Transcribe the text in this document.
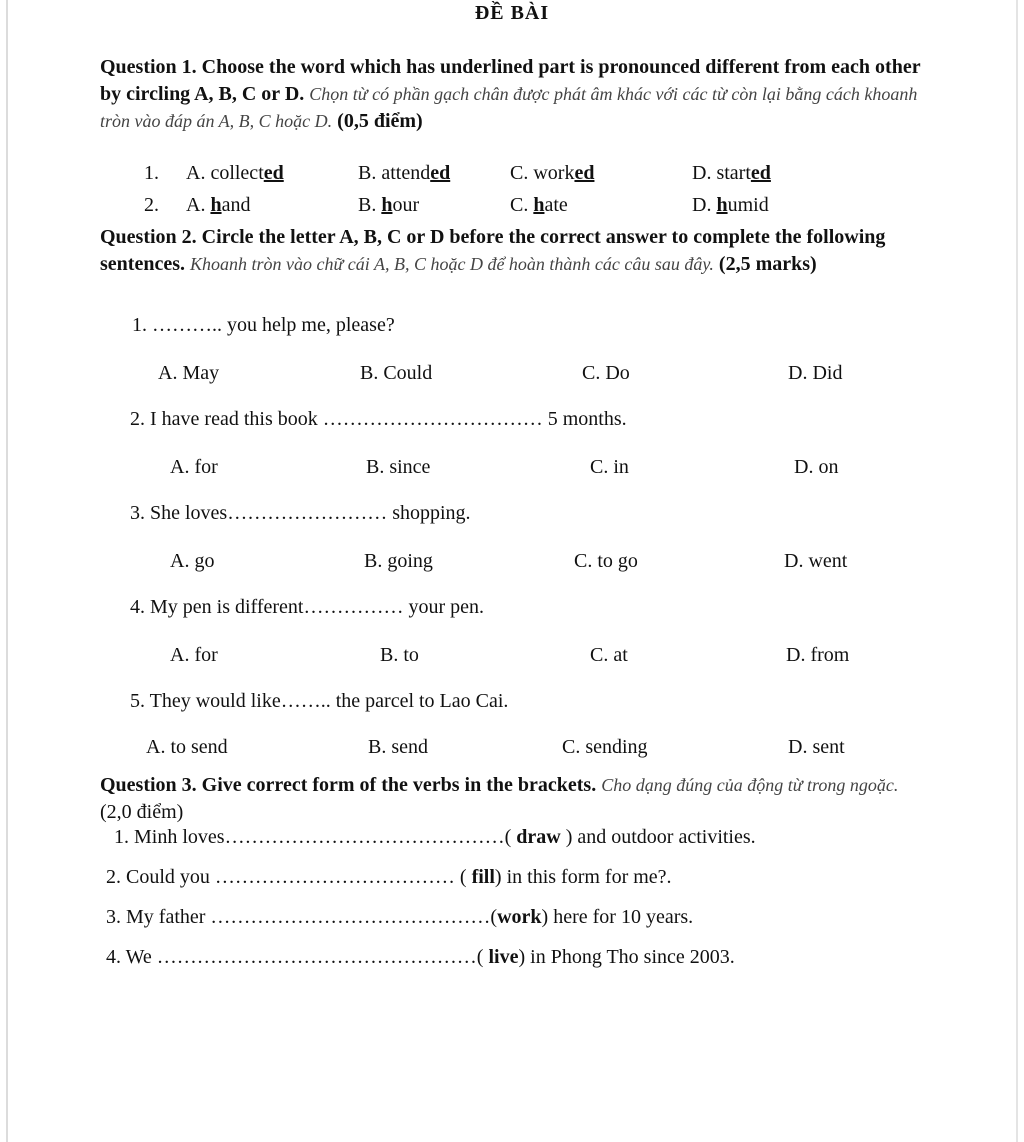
ĐỀ BÀI
Question 1. Choose the word which has underlined part is pronounced different from each other by circling A, B, C or D. Chọn từ có phần gạch chân được phát âm khác với các từ còn lại bằng cách khoanh tròn vào đáp án A, B, C hoặc D. (0,5 điểm)
1. A. collected	B. attended	C. worked	D. started
2. A. hand	B. hour	C. hate	D. humid
Question 2. Circle the letter A, B, C or D before the correct answer to complete the following sentences. Khoanh tròn vào chữ cái A, B, C hoặc D để hoàn thành các câu sau đây. (2,5 marks)
1. ……….. you help me, please?
A. May	B. Could	C. Do	D. Did
2. I have read this book …………………………… 5 months.
A. for	B. since	C. in	D. on
3. She loves…………………… shopping.
A. go	B. going	C. to go	D. went
4. My pen is different…………… your pen.
A. for	B. to	C. at	D. from
5. They would like…….. the parcel to Lao Cai.
A. to send	B. send	C. sending	D. sent
Question 3. Give correct form of the verbs in the brackets. Cho dạng đúng của động từ trong ngoặc. (2,0 điểm)
1. Minh loves……………………………………( draw ) and outdoor activities.
2. Could you ……………………………… ( fill) in this form for me?.
3. My father ……………………………………(work) here for 10 years.
4. We …………………………………………( live) in Phong Tho since 2003.
